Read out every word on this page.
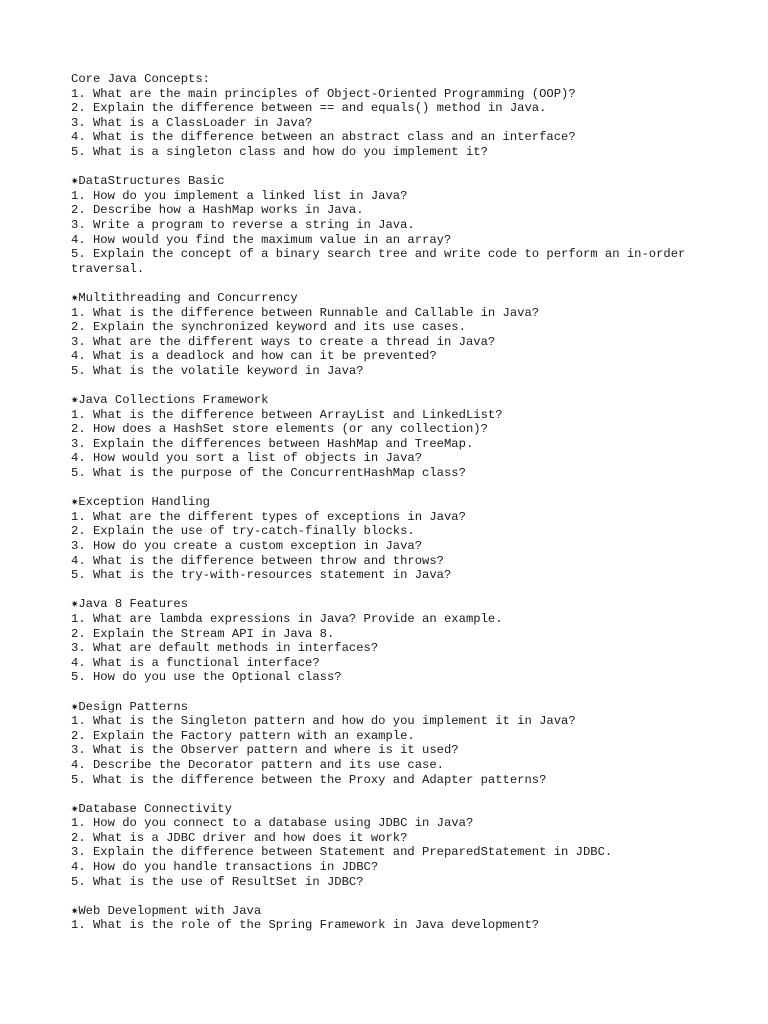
Core Java Concepts:
1. What are the main principles of Object-Oriented Programming (OOP)?
2. Explain the difference between == and equals() method in Java.
3. What is a ClassLoader in Java?
4. What is the difference between an abstract class and an interface?
5. What is a singleton class and how do you implement it?
✷DataStructures Basic
1. How do you implement a linked list in Java?
2. Describe how a HashMap works in Java.
3. Write a program to reverse a string in Java.
4. How would you find the maximum value in an array?
5. Explain the concept of a binary search tree and write code to perform an in-order traversal.
✷Multithreading and Concurrency
1. What is the difference between Runnable and Callable in Java?
2. Explain the synchronized keyword and its use cases.
3. What are the different ways to create a thread in Java?
4. What is a deadlock and how can it be prevented?
5. What is the volatile keyword in Java?
✷Java Collections Framework
1. What is the difference between ArrayList and LinkedList?
2. How does a HashSet store elements (or any collection)?
3. Explain the differences between HashMap and TreeMap.
4. How would you sort a list of objects in Java?
5. What is the purpose of the ConcurrentHashMap class?
✷Exception Handling
1. What are the different types of exceptions in Java?
2. Explain the use of try-catch-finally blocks.
3. How do you create a custom exception in Java?
4. What is the difference between throw and throws?
5. What is the try-with-resources statement in Java?
✷Java 8 Features
1. What are lambda expressions in Java? Provide an example.
2. Explain the Stream API in Java 8.
3. What are default methods in interfaces?
4. What is a functional interface?
5. How do you use the Optional class?
✷Design Patterns
1. What is the Singleton pattern and how do you implement it in Java?
2. Explain the Factory pattern with an example.
3. What is the Observer pattern and where is it used?
4. Describe the Decorator pattern and its use case.
5. What is the difference between the Proxy and Adapter patterns?
✷Database Connectivity
1. How do you connect to a database using JDBC in Java?
2. What is a JDBC driver and how does it work?
3. Explain the difference between Statement and PreparedStatement in JDBC.
4. How do you handle transactions in JDBC?
5. What is the use of ResultSet in JDBC?
✷Web Development with Java
1. What is the role of the Spring Framework in Java development?
